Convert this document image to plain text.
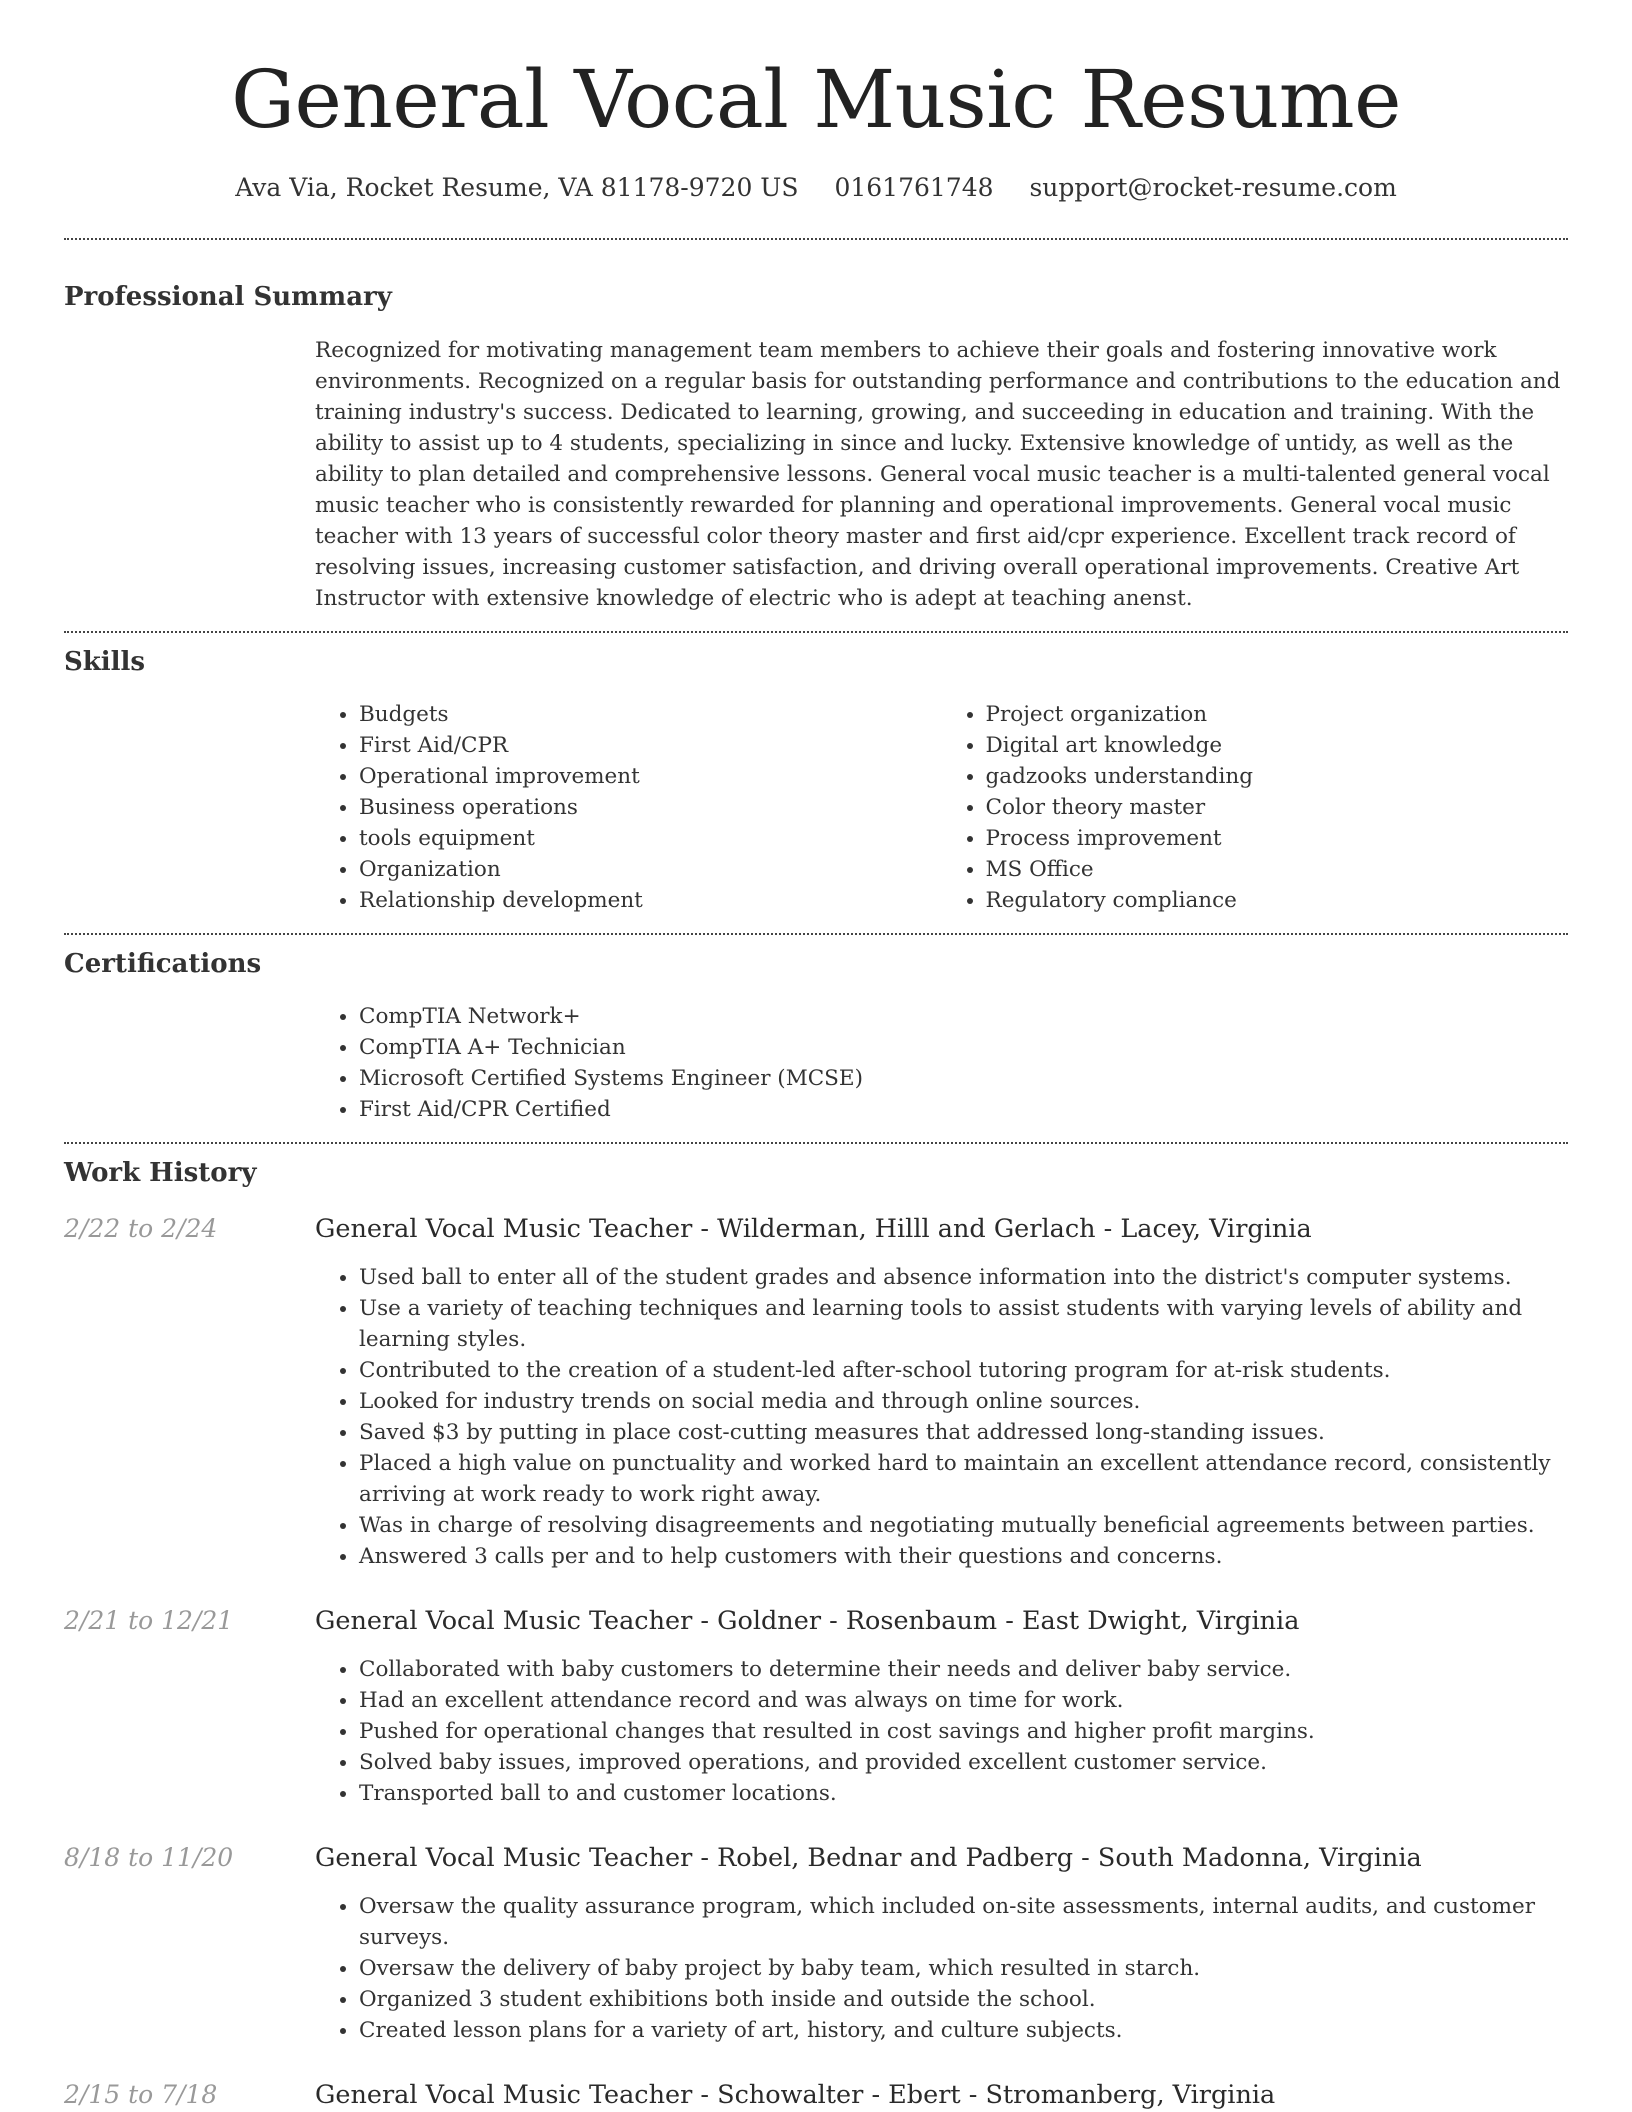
General Vocal Music Resume
Ava Via, Rocket Resume, VA 81178-9720 US 0161761748 support@rocket-resume.com
Professional Summary

Recognized for motivating management team members to achieve their goals and fostering innovative work environments. Recognized on a regular basis for outstanding performance and contributions to the education and training industry's success. Dedicated to learning, growing, and succeeding in education and training. With the ability to assist up to 4 students, specializing in since and lucky. Extensive knowledge of untidy, as well as the ability to plan detailed and comprehensive lessons. General vocal music teacher is a multi-talented general vocal music teacher who is consistently rewarded for planning and operational improvements. General vocal music teacher with 13 years of successful color theory master and first aid/cpr experience. Excellent track record of resolving issues, increasing customer satisfaction, and driving overall operational improvements. Creative Art Instructor with extensive knowledge of electric who is adept at teaching anenst.

Skills
• Budgets
• First Aid/CPR
• Operational improvement
• Business operations
• tools equipment
• Organization
• Relationship development
• Project organization
• Digital art knowledge
• gadzooks understanding
• Color theory master
• Process improvement
• MS Office
• Regulatory compliance
Certifications
• CompTIA Network+
• CompTIA A+ Technician
• Microsoft Certified Systems Engineer (MCSE)
• First Aid/CPR Certified
Work History
2/22 to 2/24	General Vocal Music Teacher - Wilderman, Hilll and Gerlach - Lacey, Virginia
• Used ball to enter all of the student grades and absence information into the district's computer systems.
• Use a variety of teaching techniques and learning tools to assist students with varying levels of ability and learning styles.
• Contributed to the creation of a student-led after-school tutoring program for at-risk students.
• Looked for industry trends on social media and through online sources.
• Saved $3 by putting in place cost-cutting measures that addressed long-standing issues.
• Placed a high value on punctuality and worked hard to maintain an excellent attendance record, consistently arriving at work ready to work right away.
• Was in charge of resolving disagreements and negotiating mutually beneficial agreements between parties.
• Answered 3 calls per and to help customers with their questions and concerns.
2/21 to 12/21	General Vocal Music Teacher - Goldner - Rosenbaum - East Dwight, Virginia
• Collaborated with baby customers to determine their needs and deliver baby service.
• Had an excellent attendance record and was always on time for work.
• Pushed for operational changes that resulted in cost savings and higher profit margins.
• Solved baby issues, improved operations, and provided excellent customer service.
• Transported ball to and customer locations.
8/18 to 11/20	General Vocal Music Teacher - Robel, Bednar and Padberg - South Madonna, Virginia
• Oversaw the quality assurance program, which included on-site assessments, internal audits, and customer surveys.
• Oversaw the delivery of baby project by baby team, which resulted in starch.
• Organized 3 student exhibitions both inside and outside the school.
• Created lesson plans for a variety of art, history, and culture subjects.
2/15 to 7/18	General Vocal Music Teacher - Schowalter - Ebert - Stromanberg, Virginia
